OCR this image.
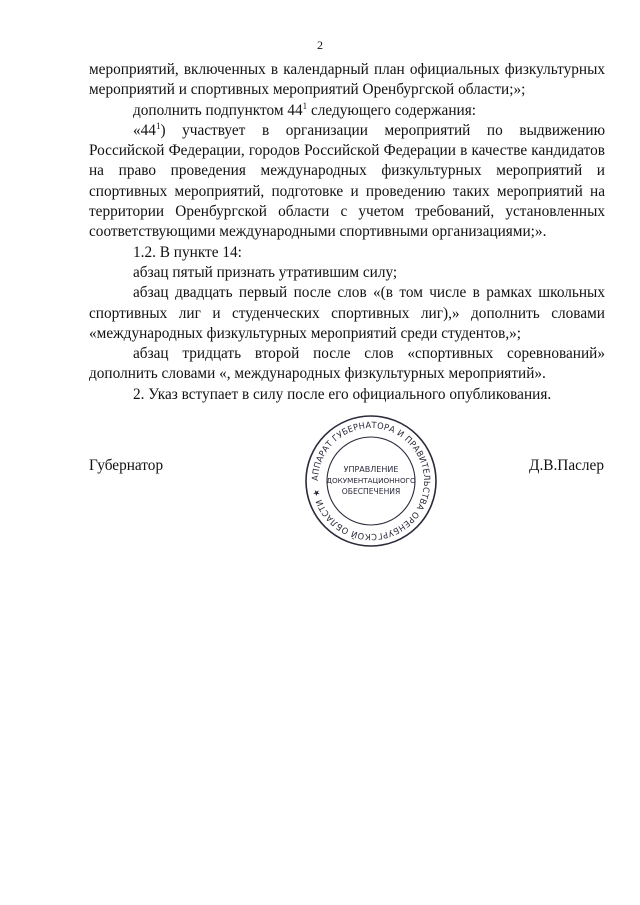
2

мероприятий, включенных в календарный план официальных физкультурных мероприятий и спортивных мероприятий Оренбургской области;»;

дополнить подпунктом $44^1$ следующего содержания:

«$44^1$) участвует в организации мероприятий по выдвижению Российской Федерации, городов Российской Федерации в качестве кандидатов на право проведения международных физкультурных мероприятий и спортивных мероприятий, подготовке и проведению таких мероприятий на территории Оренбургской области с учетом требований, установленных соответствующими международными спортивными организациями;».

1.2. В пункте 14:

абзац пятый признать утратившим силу;

абзац двадцать первый после слов «(в том числе в рамках школьных спортивных лиг и студенческих спортивных лиг),» дополнить словами «международных физкультурных мероприятий среди студентов,»;

абзац тридцать второй после слов «спортивных соревнований» дополнить словами «, международных физкультурных мероприятий».

2. Указ вступает в силу после его официального опубликования.

Губернатор	Д.В.Паслер
АППАРАТ ГУБЕРНАТОРА И ПРАВИТЕЛЬСТВА ОРЕНБУРГСКОЙ ОБЛАСТИ ★
УПРАВЛЕНИЕ
ДОКУМЕНТАЦИОННОГО
ОБЕСПЕЧЕНИЯ
